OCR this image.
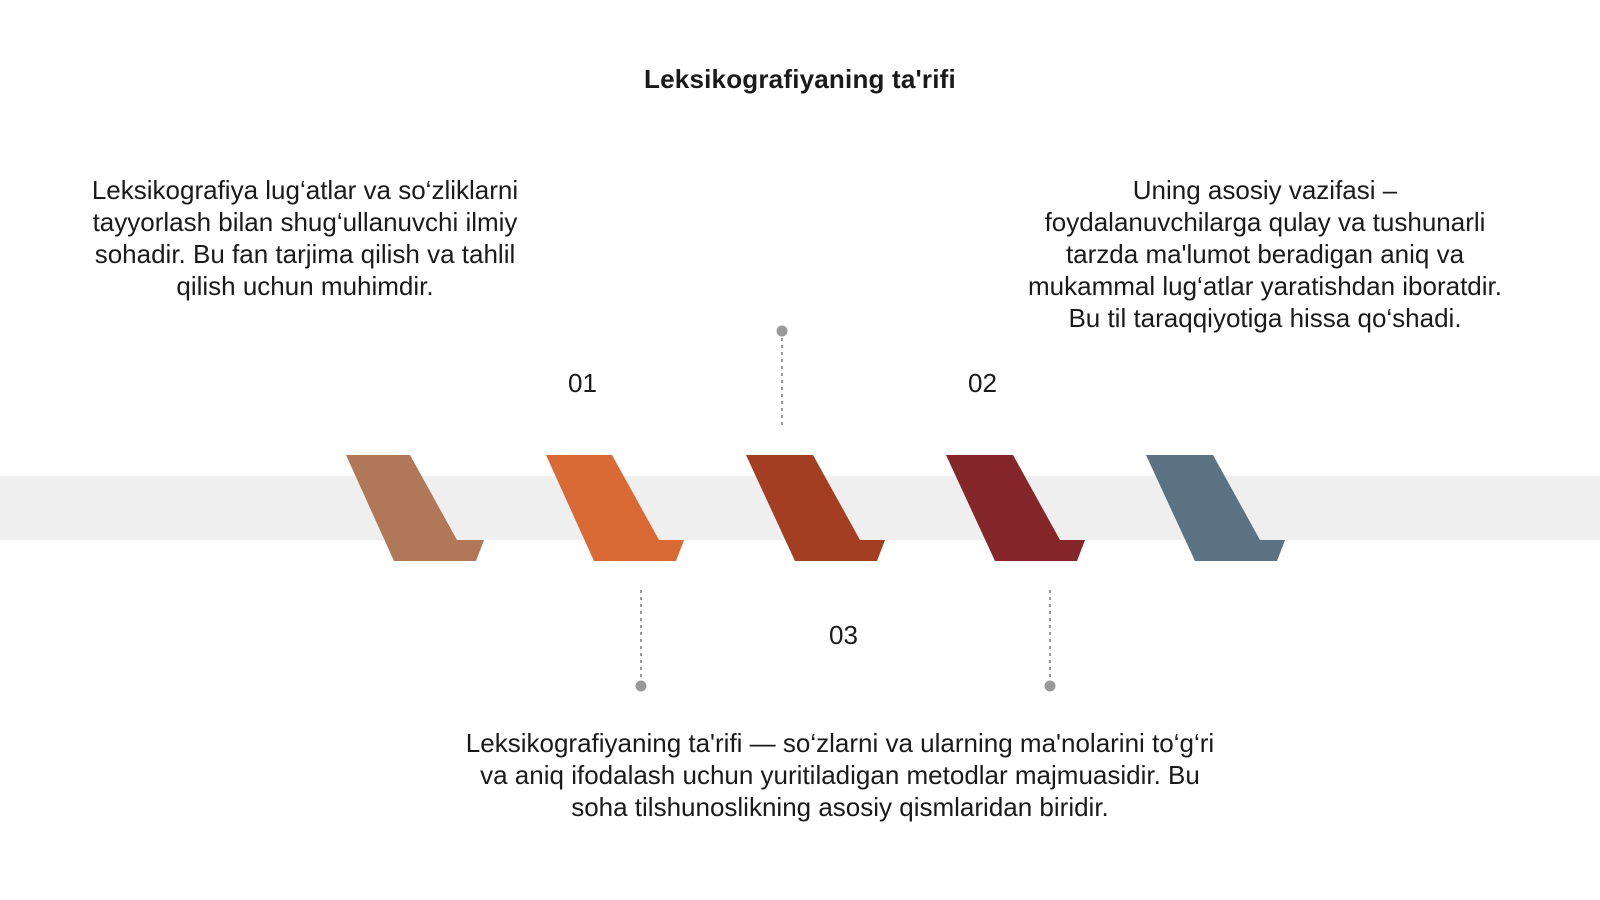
Leksikografiyaning ta'rifi
01	02
03
Leksikografiya lug‘atlar va so‘zliklarni tayyorlash bilan shug‘ullanuvchi ilmiy sohadir. Bu fan tarjima qilish va tahlil qilish uchun muhimdir.
Uning asosiy vazifasi – foydalanuvchilarga qulay va tushunarli tarzda ma'lumot beradigan aniq va mukammal lug‘atlar yaratishdan iboratdir. Bu til taraqqiyotiga hissa qo‘shadi.
Leksikografiyaning ta'rifi — so‘zlarni va ularning ma'nolarini to‘g‘ri va aniq ifodalash uchun yuritiladigan metodlar majmuasidir. Bu soha tilshunoslikning asosiy qismlaridan biridir.
